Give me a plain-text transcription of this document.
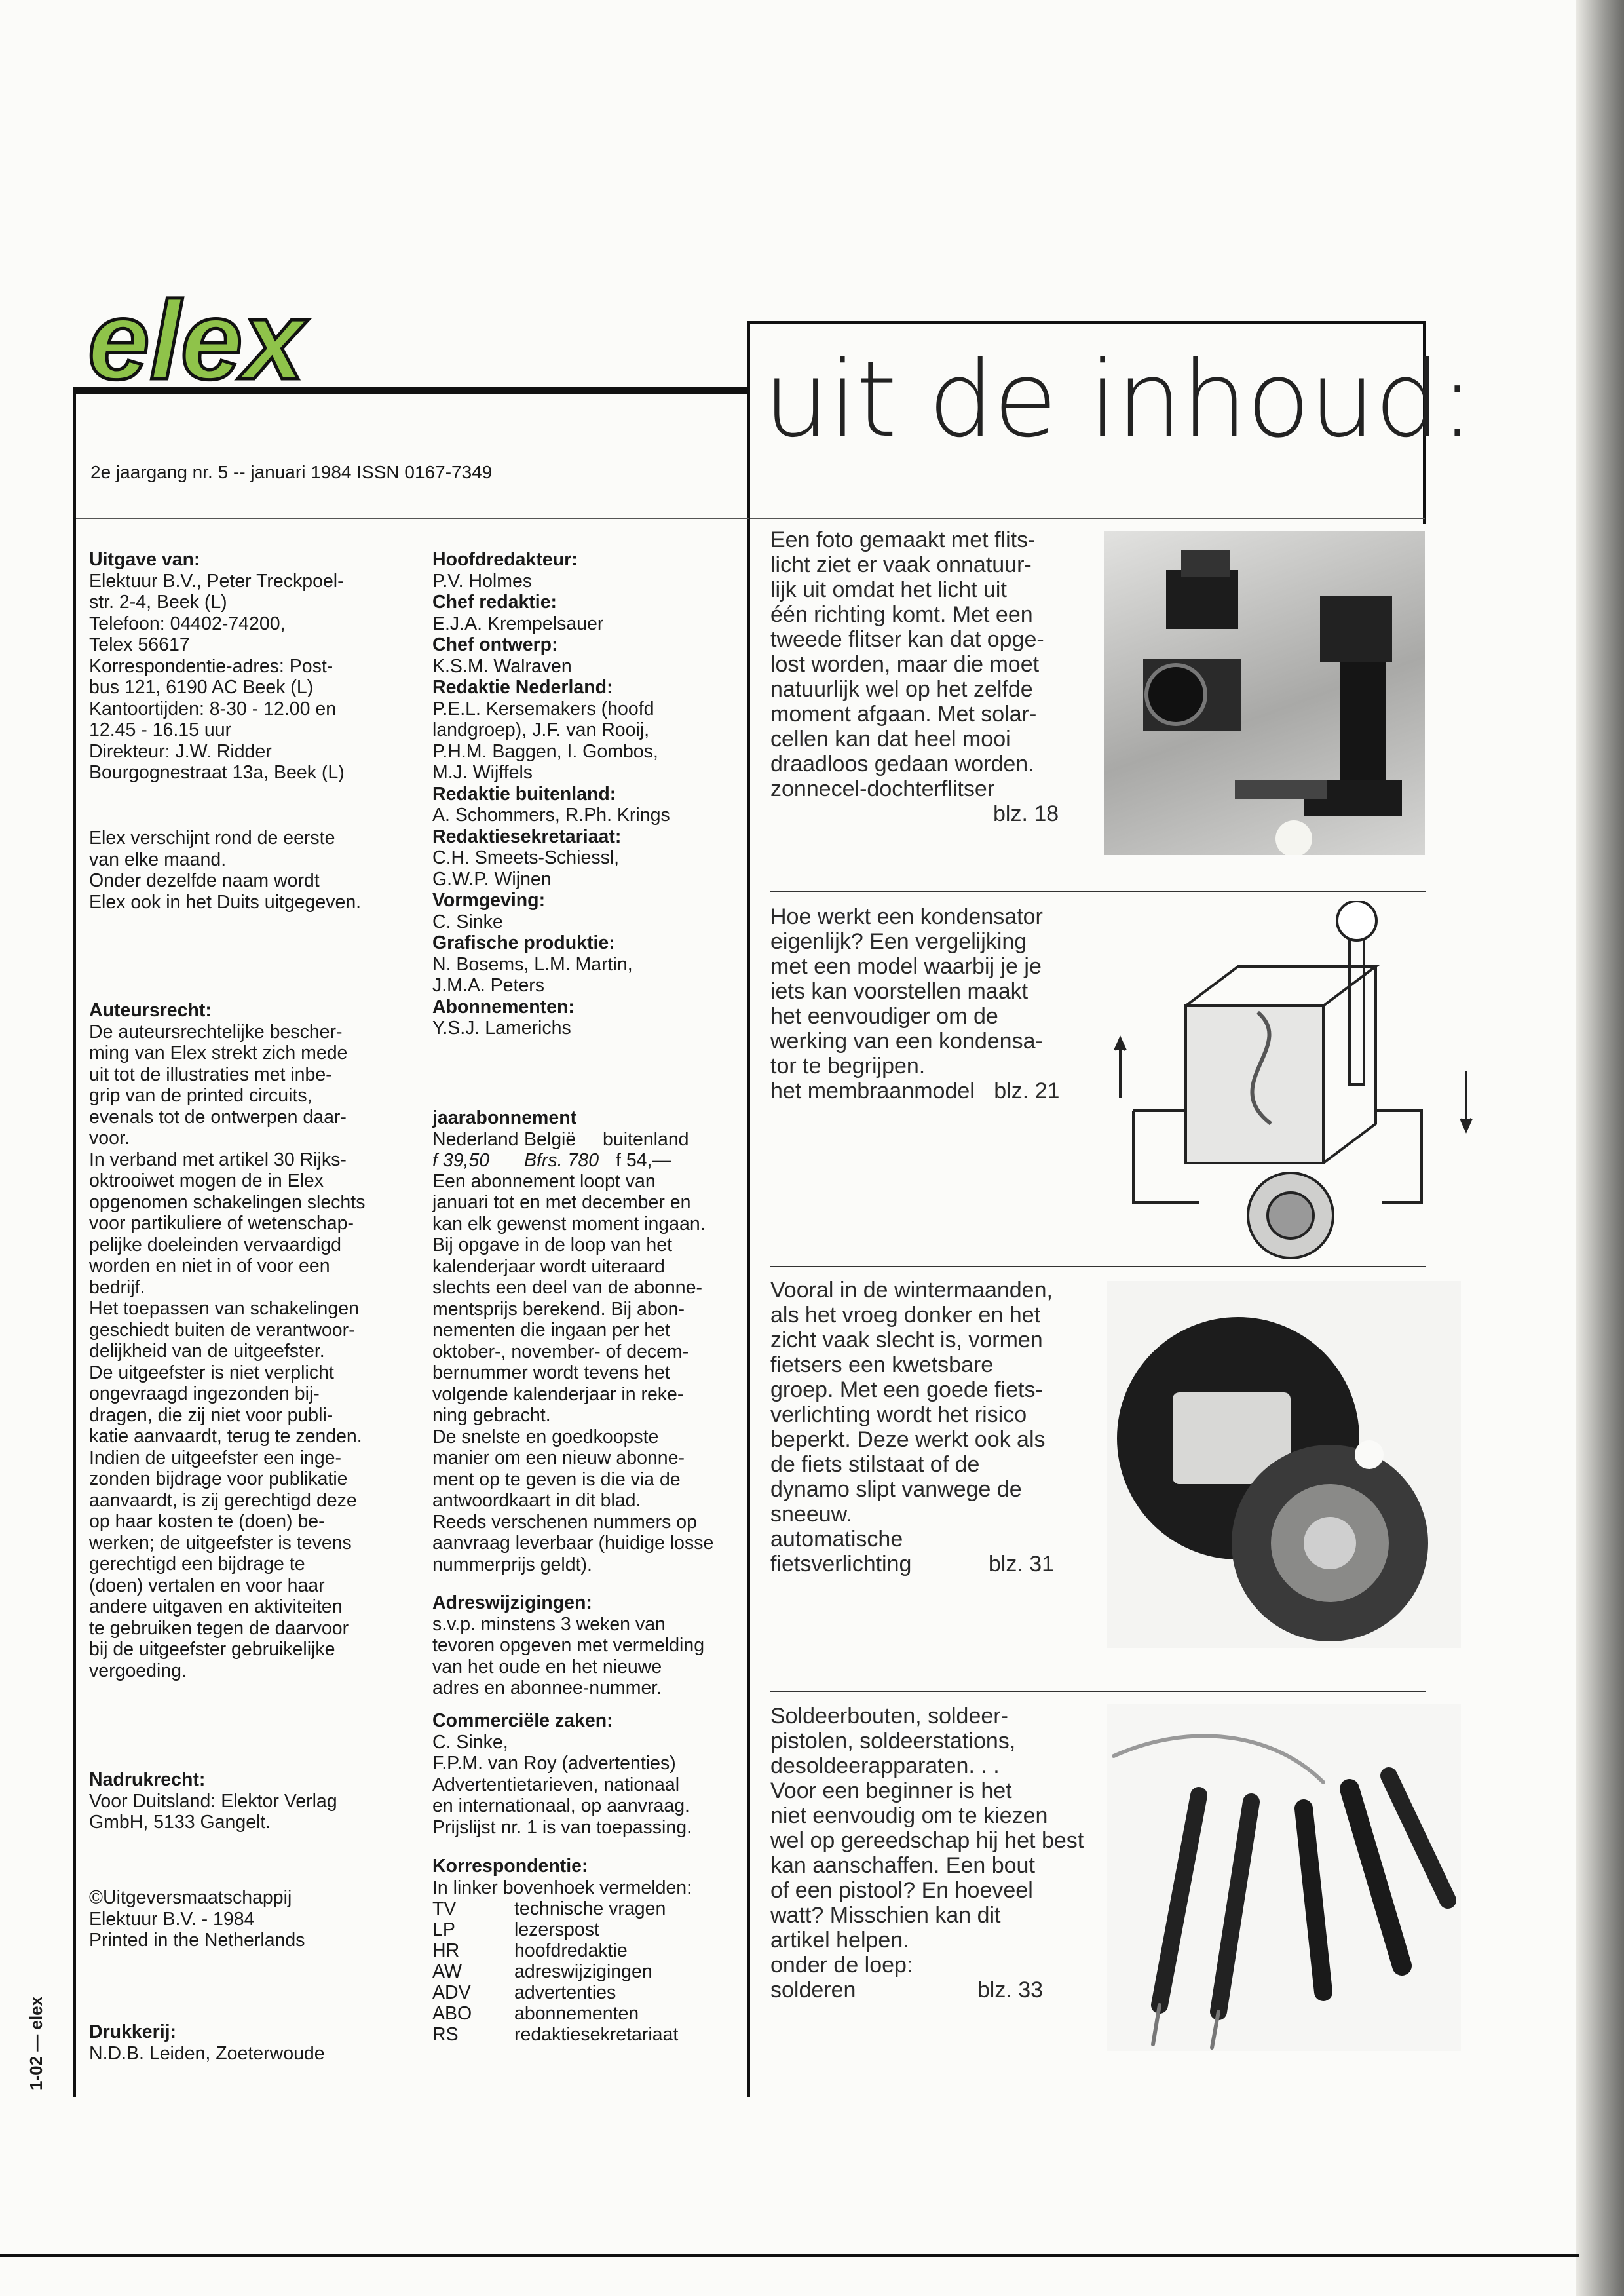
elex
2e jaargang nr. 5 -- januari 1984 ISSN 0167-7349
uit de inhoud:
Uitgave van:
Elektuur B.V., Peter Treckpoel-
str. 2-4, Beek (L)
Telefoon: 04402-74200,
Telex 56617
Korrespondentie-adres: Post-
bus 121, 6190 AC Beek (L)
Kantoortijden: 8-30 - 12.00 en
12.45 - 16.15 uur
Direkteur: J.W. Ridder
Bourgognestraat 13a, Beek (L)
Elex verschijnt rond de eerste
van elke maand.
Onder dezelfde naam wordt
Elex ook in het Duits uitgegeven.
Auteursrecht:
De auteursrechtelijke bescher-
ming van Elex strekt zich mede
uit tot de illustraties met inbe-
grip van de printed circuits,
evenals tot de ontwerpen daar-
voor.
In verband met artikel 30 Rijks-
oktrooiwet mogen de in Elex
opgenomen schakelingen slechts
voor partikuliere of wetenschap-
pelijke doeleinden vervaardigd
worden en niet in of voor een
bedrijf.
Het toepassen van schakelingen
geschiedt buiten de verantwoor-
delijkheid van de uitgeefster.
De uitgeefster is niet verplicht
ongevraagd ingezonden bij-
dragen, die zij niet voor publi-
katie aanvaardt, terug te zenden.
Indien de uitgeefster een inge-
zonden bijdrage voor publikatie
aanvaardt, is zij gerechtigd deze
op haar kosten te (doen) be-
werken; de uitgeefster is tevens
gerechtigd een bijdrage te
(doen) vertalen en voor haar
andere uitgaven en aktiviteiten
te gebruiken tegen de daarvoor
bij de uitgeefster gebruikelijke
vergoeding.
Nadrukrecht:
Voor Duitsland: Elektor Verlag
GmbH, 5133 Gangelt.
©Uitgeversmaatschappij
Elektuur B.V. - 1984
Printed in the Netherlands
Drukkerij:
N.D.B. Leiden, Zoeterwoude
1-02 — elex
Hoofdredakteur:
P.V. Holmes
Chef redaktie:
E.J.A. Krempelsauer
Chef ontwerp:
K.S.M. Walraven
Redaktie Nederland:
P.E.L. Kersemakers (hoofd
landgroep), J.F. van Rooij,
P.H.M. Baggen, I. Gombos,
M.J. Wijffels
Redaktie buitenland:
A. Schommers, R.Ph. Krings
Redaktiesekretariaat:
C.H. Smeets-Schiessl,
G.W.P. Wijnen
Vormgeving:
C. Sinke
Grafische produktie:
N. Bosems, L.M. Martin,
J.M.A. Peters
Abonnementen:
Y.S.J. Lamerichs
jaarabonnement
Nederland België buitenland
f 39,50 Bfrs. 780 f 54,—
Een abonnement loopt van
januari tot en met december en
kan elk gewenst moment ingaan.
Bij opgave in de loop van het
kalenderjaar wordt uiteraard
slechts een deel van de abonne-
mentsprijs berekend. Bij abon-
nementen die ingaan per het
oktober-, november- of decem-
bernummer wordt tevens het
volgende kalenderjaar in reke-
ning gebracht.
De snelste en goedkoopste
manier om een nieuw abonne-
ment op te geven is die via de
antwoordkaart in dit blad.
Reeds verschenen nummers op
aanvraag leverbaar (huidige losse
nummerprijs geldt).
Adreswijzigingen:
s.v.p. minstens 3 weken van
tevoren opgeven met vermelding
van het oude en het nieuwe
adres en abonnee-nummer.
Commerciële zaken:
C. Sinke,
F.P.M. van Roy (advertenties)
Advertentietarieven, nationaal
en internationaal, op aanvraag.
Prijslijst nr. 1 is van toepassing.
Korrespondentie:
In linker bovenhoek vermelden:
TV	technische vragen
LP	lezerspost
HR	hoofdredaktie
AW	adreswijzigingen
ADV advertenties
ABO abonnementen
RS	redaktiesekretariaat
Een foto gemaakt met flits-
licht ziet er vaak onnatuur-
lijk uit omdat het licht uit
één richting komt. Met een
tweede flitser kan dat opge-
lost worden, maar die moet
natuurlijk wel op het zelfde
moment afgaan. Met solar-
cellen kan dat heel mooi
draadloos gedaan worden.
zonnecel-dochterflitser
blz. 18
Hoe werkt een kondensator
eigenlijk? Een vergelijking
met een model waarbij je je
iets kan voorstellen maakt
het eenvoudiger om de
werking van een kondensa-
tor te begrijpen.
het membraanmodel blz. 21
Vooral in de wintermaanden,
als het vroeg donker en het
zicht vaak slecht is, vormen
fietsers een kwetsbare
groep. Met een goede fiets-
verlichting wordt het risico
beperkt. Deze werkt ook als
de fiets stilstaat of de
dynamo slipt vanwege de
sneeuw.
automatische
fietsverlichting	blz. 31
Soldeerbouten, soldeer-
pistolen, soldeerstations,
desoldeerapparaten. . .
Voor een beginner is het
niet eenvoudig om te kiezen
wel op gereedschap hij het best
kan aanschaffen. Een bout
of een pistool? En hoeveel
watt? Misschien kan dit
artikel helpen.
onder de loep:
solderen	blz. 33
